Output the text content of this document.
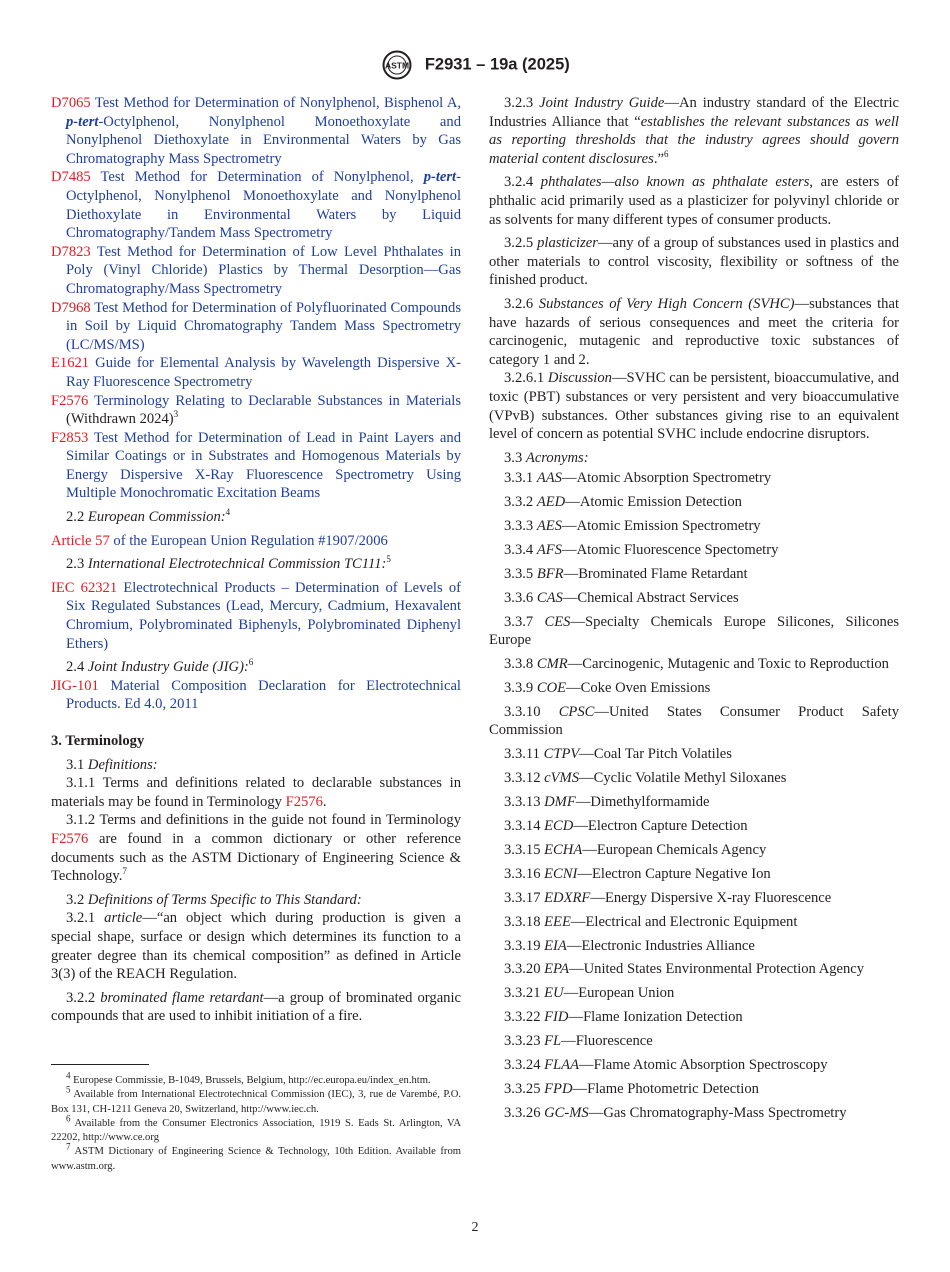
ASTM F2931 – 19a (2025)

D7065 Test Method for Determination of Nonylphenol, Bisphenol A, p-tert-Octylphenol, Nonylphenol Monoethoxylate and Nonylphenol Diethoxylate in Environmental Waters by Gas Chromatography Mass Spectrometry

D7485 Test Method for Determination of Nonylphenol, p-tert-Octylphenol, Nonylphenol Monoethoxylate and Nonylphenol Diethoxylate in Environmental Waters by Liquid Chromatography/Tandem Mass Spectrometry

D7823 Test Method for Determination of Low Level Phthalates in Poly (Vinyl Chloride) Plastics by Thermal Desorption—Gas Chromatography/Mass Spectrometry

D7968 Test Method for Determination of Polyfluorinated Compounds in Soil by Liquid Chromatography Tandem Mass Spectrometry (LC/MS/MS)

E1621 Guide for Elemental Analysis by Wavelength Dispersive X-Ray Fluorescence Spectrometry

F2576 Terminology Relating to Declarable Substances in Materials (Withdrawn 2024)$^3$

F2853 Test Method for Determination of Lead in Paint Layers and Similar Coatings or in Substrates and Homogenous Materials by Energy Dispersive X-Ray Fluorescence Spectrometry Using Multiple Monochromatic Excitation Beams

2.2 European Commission:$^4$

Article 57 of the European Union Regulation #1907/2006

2.3 International Electrotechnical Commission TC111:$^5$

IEC 62321 Electrotechnical Products – Determination of Levels of Six Regulated Substances (Lead, Mercury, Cadmium, Hexavalent Chromium, Polybrominated Biphenyls, Polybrominated Diphenyl Ethers)

2.4 Joint Industry Guide (JIG):$^6$

JIG-101 Material Composition Declaration for Electrotechnical Products. Ed 4.0, 2011

3. Terminology

3.1 Definitions:

3.1.1 Terms and definitions related to declarable substances in materials may be found in Terminology F2576.

3.1.2 Terms and definitions in the guide not found in Terminology F2576 are found in a common dictionary or other reference documents such as the ASTM Dictionary of Engineering Science & Technology.$^7$

3.2 Definitions of Terms Specific to This Standard:

3.2.1 article—“an object which during production is given a special shape, surface or design which determines its function to a greater degree than its chemical composition” as defined in Article 3(3) of the REACH Regulation.

3.2.2 brominated flame retardant—a group of brominated organic compounds that are used to inhibit initiation of a fire.

3.2.3 Joint Industry Guide—An industry standard of the Electric Industries Alliance that “establishes the relevant substances as well as reporting thresholds that the industry agrees should govern material content disclosures.”$^6$

3.2.4 phthalates—also known as phthalate esters, are esters of phthalic acid primarily used as a plasticizer for polyvinyl chloride or as solvents for many different types of consumer products.

3.2.5 plasticizer—any of a group of substances used in plastics and other materials to control viscosity, flexibility or softness of the finished product.

3.2.6 Substances of Very High Concern (SVHC)—substances that have hazards of serious consequences and meet the criteria for carcinogenic, mutagenic and reproductive toxic substances of category 1 and 2.

3.2.6.1 Discussion—SVHC can be persistent, bioaccumulative, and toxic (PBT) substances or very persistent and very bioaccumulative (VPvB) substances. Other substances giving rise to an equivalent level of concern as potential SVHC include endocrine disruptors.

3.3 Acronyms:

3.3.1 AAS—Atomic Absorption Spectrometry

3.3.2 AED—Atomic Emission Detection

3.3.3 AES—Atomic Emission Spectrometry

3.3.4 AFS—Atomic Fluorescence Spectometry

3.3.5 BFR—Brominated Flame Retardant

3.3.6 CAS—Chemical Abstract Services

3.3.7 CES—Specialty Chemicals Europe Silicones, Silicones Europe

3.3.8 CMR—Carcinogenic, Mutagenic and Toxic to Reproduction

3.3.9 COE—Coke Oven Emissions

3.3.10 CPSC—United States Consumer Product Safety Commission

3.3.11 CTPV—Coal Tar Pitch Volatiles

3.3.12 cVMS—Cyclic Volatile Methyl Siloxanes

3.3.13 DMF—Dimethylformamide

3.3.14 ECD—Electron Capture Detection

3.3.15 ECHA—European Chemicals Agency

3.3.16 ECNI—Electron Capture Negative Ion

3.3.17 EDXRF—Energy Dispersive X-ray Fluorescence

3.3.18 EEE—Electrical and Electronic Equipment

3.3.19 EIA—Electronic Industries Alliance

3.3.20 EPA—United States Environmental Protection Agency

3.3.21 EU—European Union

3.3.22 FID—Flame Ionization Detection

3.3.23 FL—Fluorescence

3.3.24 FLAA—Flame Atomic Absorption Spectroscopy

3.3.25 FPD—Flame Photometric Detection

3.3.26 GC-MS—Gas Chromatography-Mass Spectrometry

$^4$ Europese Commissie, B-1049, Brussels, Belgium, http://ec.europa.eu/index_en.htm.

$^5$ Available from International Electrotechnical Commission (IEC), 3, rue de Varembé, P.O. Box 131, CH-1211 Geneva 20, Switzerland, http://www.iec.ch.

$^6$ Available from the Consumer Electronics Association, 1919 S. Eads St. Arlington, VA 22202, http://www.ce.org

$^7$ ASTM Dictionary of Engineering Science & Technology, 10th Edition. Available from www.astm.org.

2
